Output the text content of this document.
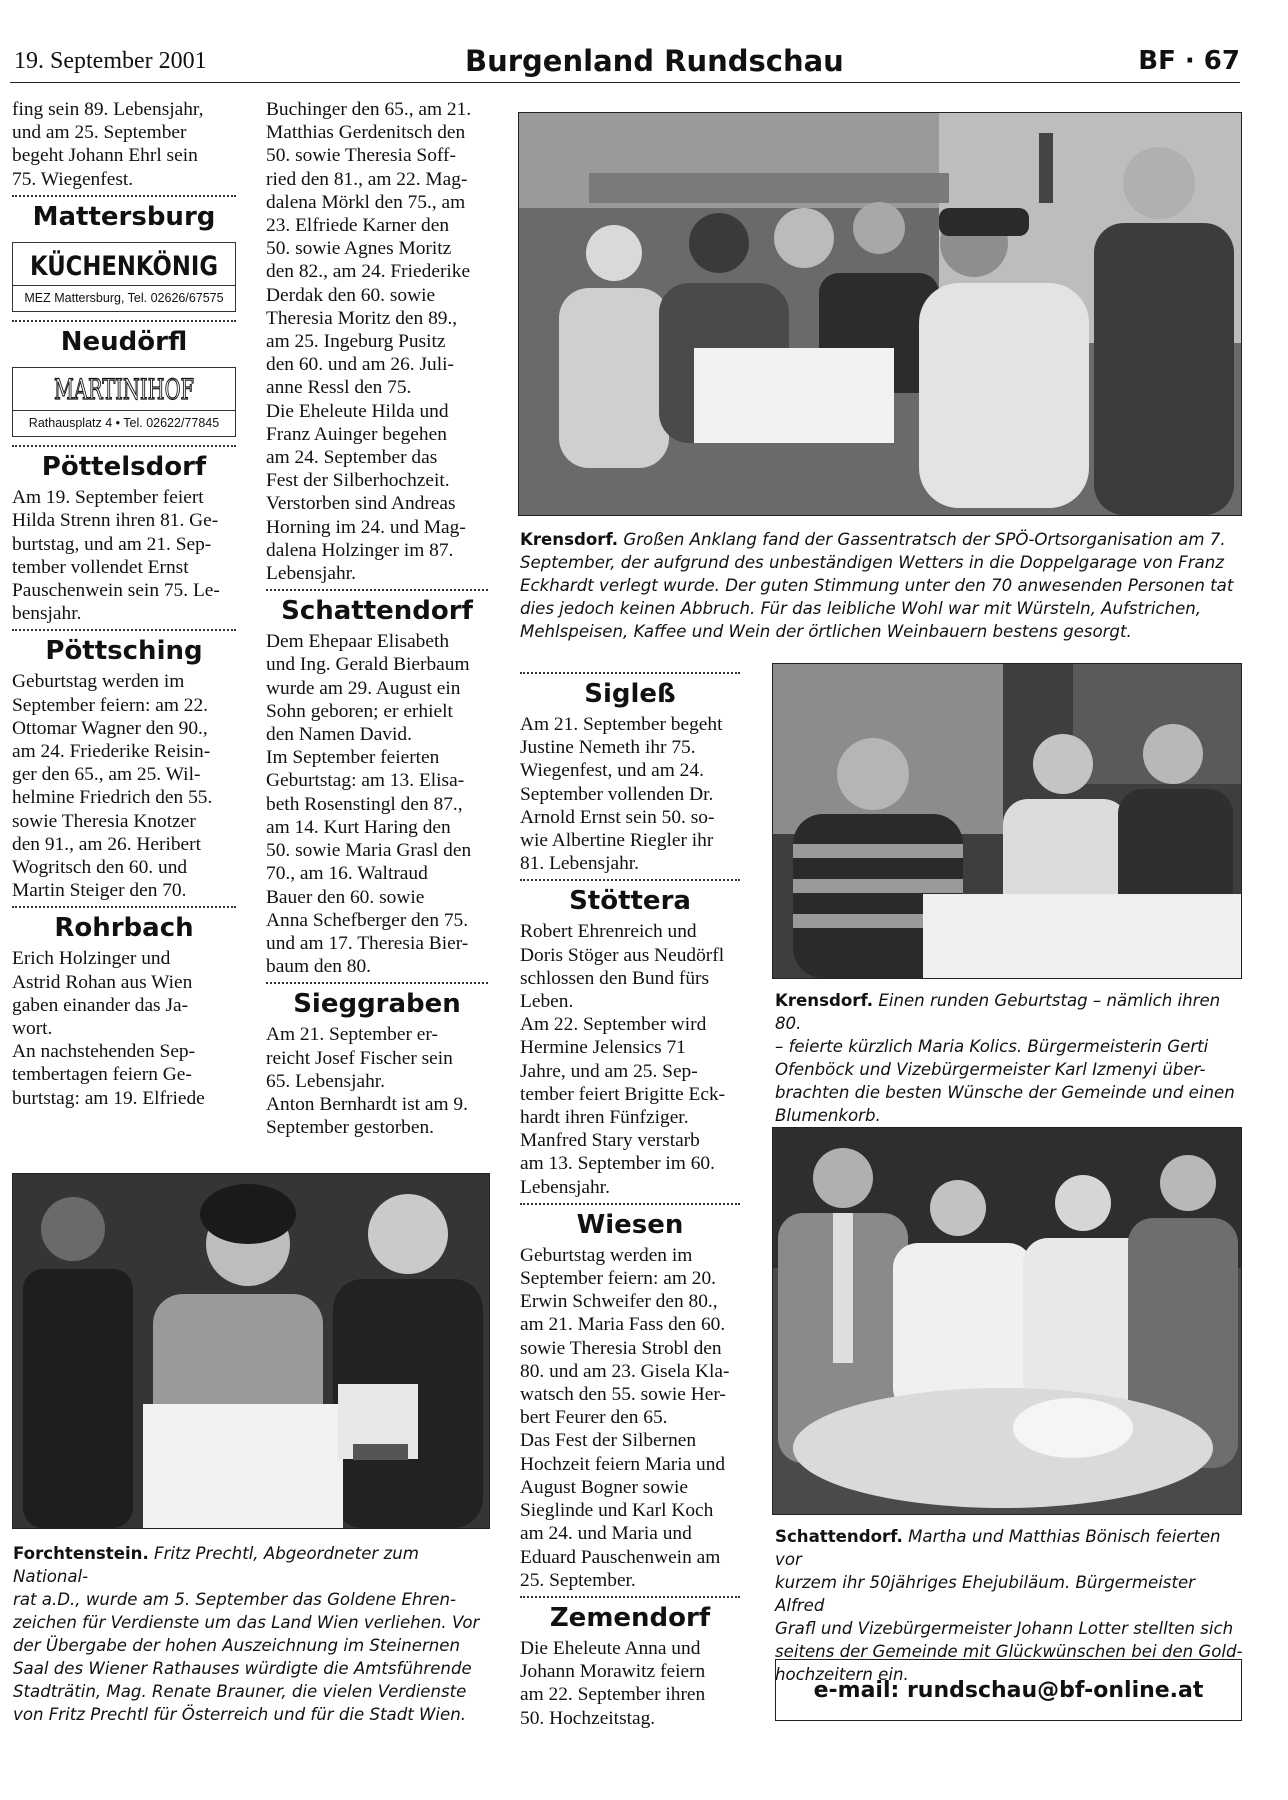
19. September 2001	Burgenland Rundschau	BF · 67

fing sein 89. Lebensjahr,

und am 25. September

begeht Johann Ehrl sein

75. Wiegenfest.

Mattersburg
KÜCHENKÖNIG
MEZ Mattersburg, Tel. 02626/67575
Neudörfl
MARTINIHOF
Rathausplatz 4 • Tel. 02622/77845
Pöttelsdorf

Am 19. September feiert

Hilda Strenn ihren 81. Ge-

burtstag, und am 21. Sep-

tember vollendet Ernst

Pauschenwein sein 75. Le-

bensjahr.

Pöttsching

Geburtstag werden im

September feiern: am 22.

Ottomar Wagner den 90.,

am 24. Friederike Reisin-

ger den 65., am 25. Wil-

helmine Friedrich den 55.

sowie Theresia Knotzer

den 91., am 26. Heribert

Wogritsch den 60. und

Martin Steiger den 70.

Rohrbach

Erich Holzinger und

Astrid Rohan aus Wien

gaben einander das Ja-

wort.

An nachstehenden Sep-

tembertagen feiern Ge-

burtstag: am 19. Elfriede

Buchinger den 65., am 21.

Matthias Gerdenitsch den

50. sowie Theresia Soff-

ried den 81., am 22. Mag-

dalena Mörkl den 75., am

23. Elfriede Karner den

50. sowie Agnes Moritz

den 82., am 24. Friederike

Derdak den 60. sowie

Theresia Moritz den 89.,

am 25. Ingeburg Pusitz

den 60. und am 26. Juli-

anne Ressl den 75.

Die Eheleute Hilda und

Franz Auinger begehen

am 24. September das

Fest der Silberhochzeit.

Verstorben sind Andreas

Horning im 24. und Mag-

dalena Holzinger im 87.

Lebensjahr.

Schattendorf

Dem Ehepaar Elisabeth

und Ing. Gerald Bierbaum

wurde am 29. August ein

Sohn geboren; er erhielt

den Namen David.

Im September feierten

Geburtstag: am 13. Elisa-

beth Rosenstingl den 87.,

am 14. Kurt Haring den

50. sowie Maria Grasl den

70., am 16. Waltraud

Bauer den 60. sowie

Anna Schefberger den 75.

und am 17. Theresia Bier-

baum den 80.

Sieggraben

Am 21. September er-

reicht Josef Fischer sein

65. Lebensjahr.

Anton Bernhardt ist am 9.

September gestorben.

Krensdorf. Großen Anklang fand der Gassentratsch der SPÖ-Ortsorganisation am 7.
September, der aufgrund des unbeständigen Wetters in die Doppelgarage von Franz
Eckhardt verlegt wurde. Der guten Stimmung unter den 70 anwesenden Personen tat
dies jedoch keinen Abbruch. Für das leibliche Wohl war mit Würsteln, Aufstrichen,
Mehlspeisen, Kaffee und Wein der örtlichen Weinbauern bestens gesorgt.
Sigleß

Am 21. September begeht

Justine Nemeth ihr 75.

Wiegenfest, und am 24.

September vollenden Dr.

Arnold Ernst sein 50. so-

wie Albertine Riegler ihr

81. Lebensjahr.

Stöttera

Robert Ehrenreich und

Doris Stöger aus Neudörfl

schlossen den Bund fürs

Leben.

Am 22. September wird

Hermine Jelensics 71

Jahre, und am 25. Sep-

tember feiert Brigitte Eck-

hardt ihren Fünfziger.

Manfred Stary verstarb

am 13. September im 60.

Lebensjahr.

Wiesen

Geburtstag werden im

September feiern: am 20.

Erwin Schweifer den 80.,

am 21. Maria Fass den 60.

sowie Theresia Strobl den

80. und am 23. Gisela Kla-

watsch den 55. sowie Her-

bert Feurer den 65.

Das Fest der Silbernen

Hochzeit feiern Maria und

August Bogner sowie

Sieglinde und Karl Koch

am 24. und Maria und

Eduard Pauschenwein am

25. September.

Zemendorf

Die Eheleute Anna und

Johann Morawitz feiern

am 22. September ihren

50. Hochzeitstag.

Krensdorf. Einen runden Geburtstag – nämlich ihren 80.
– feierte kürzlich Maria Kolics. Bürgermeisterin Gerti
Ofenböck und Vizebürgermeister Karl Izmenyi über-
brachten die besten Wünsche der Gemeinde und einen
Blumenkorb.
Schattendorf. Martha und Matthias Bönisch feierten vor
kurzem ihr 50jähriges Ehejubiläum. Bürgermeister Alfred
Grafl und Vizebürgermeister Johann Lotter stellten sich
seitens der Gemeinde mit Glückwünschen bei den Gold-
hochzeitern ein.
Forchtenstein. Fritz Prechtl, Abgeordneter zum National-
rat a.D., wurde am 5. September das Goldene Ehren-
zeichen für Verdienste um das Land Wien verliehen. Vor
der Übergabe der hohen Auszeichnung im Steinernen
Saal des Wiener Rathauses würdigte die Amtsführende
Stadträtin, Mag. Renate Brauner, die vielen Verdienste
von Fritz Prechtl für Österreich und für die Stadt Wien.
e-mail: rundschau@bf-online.at
